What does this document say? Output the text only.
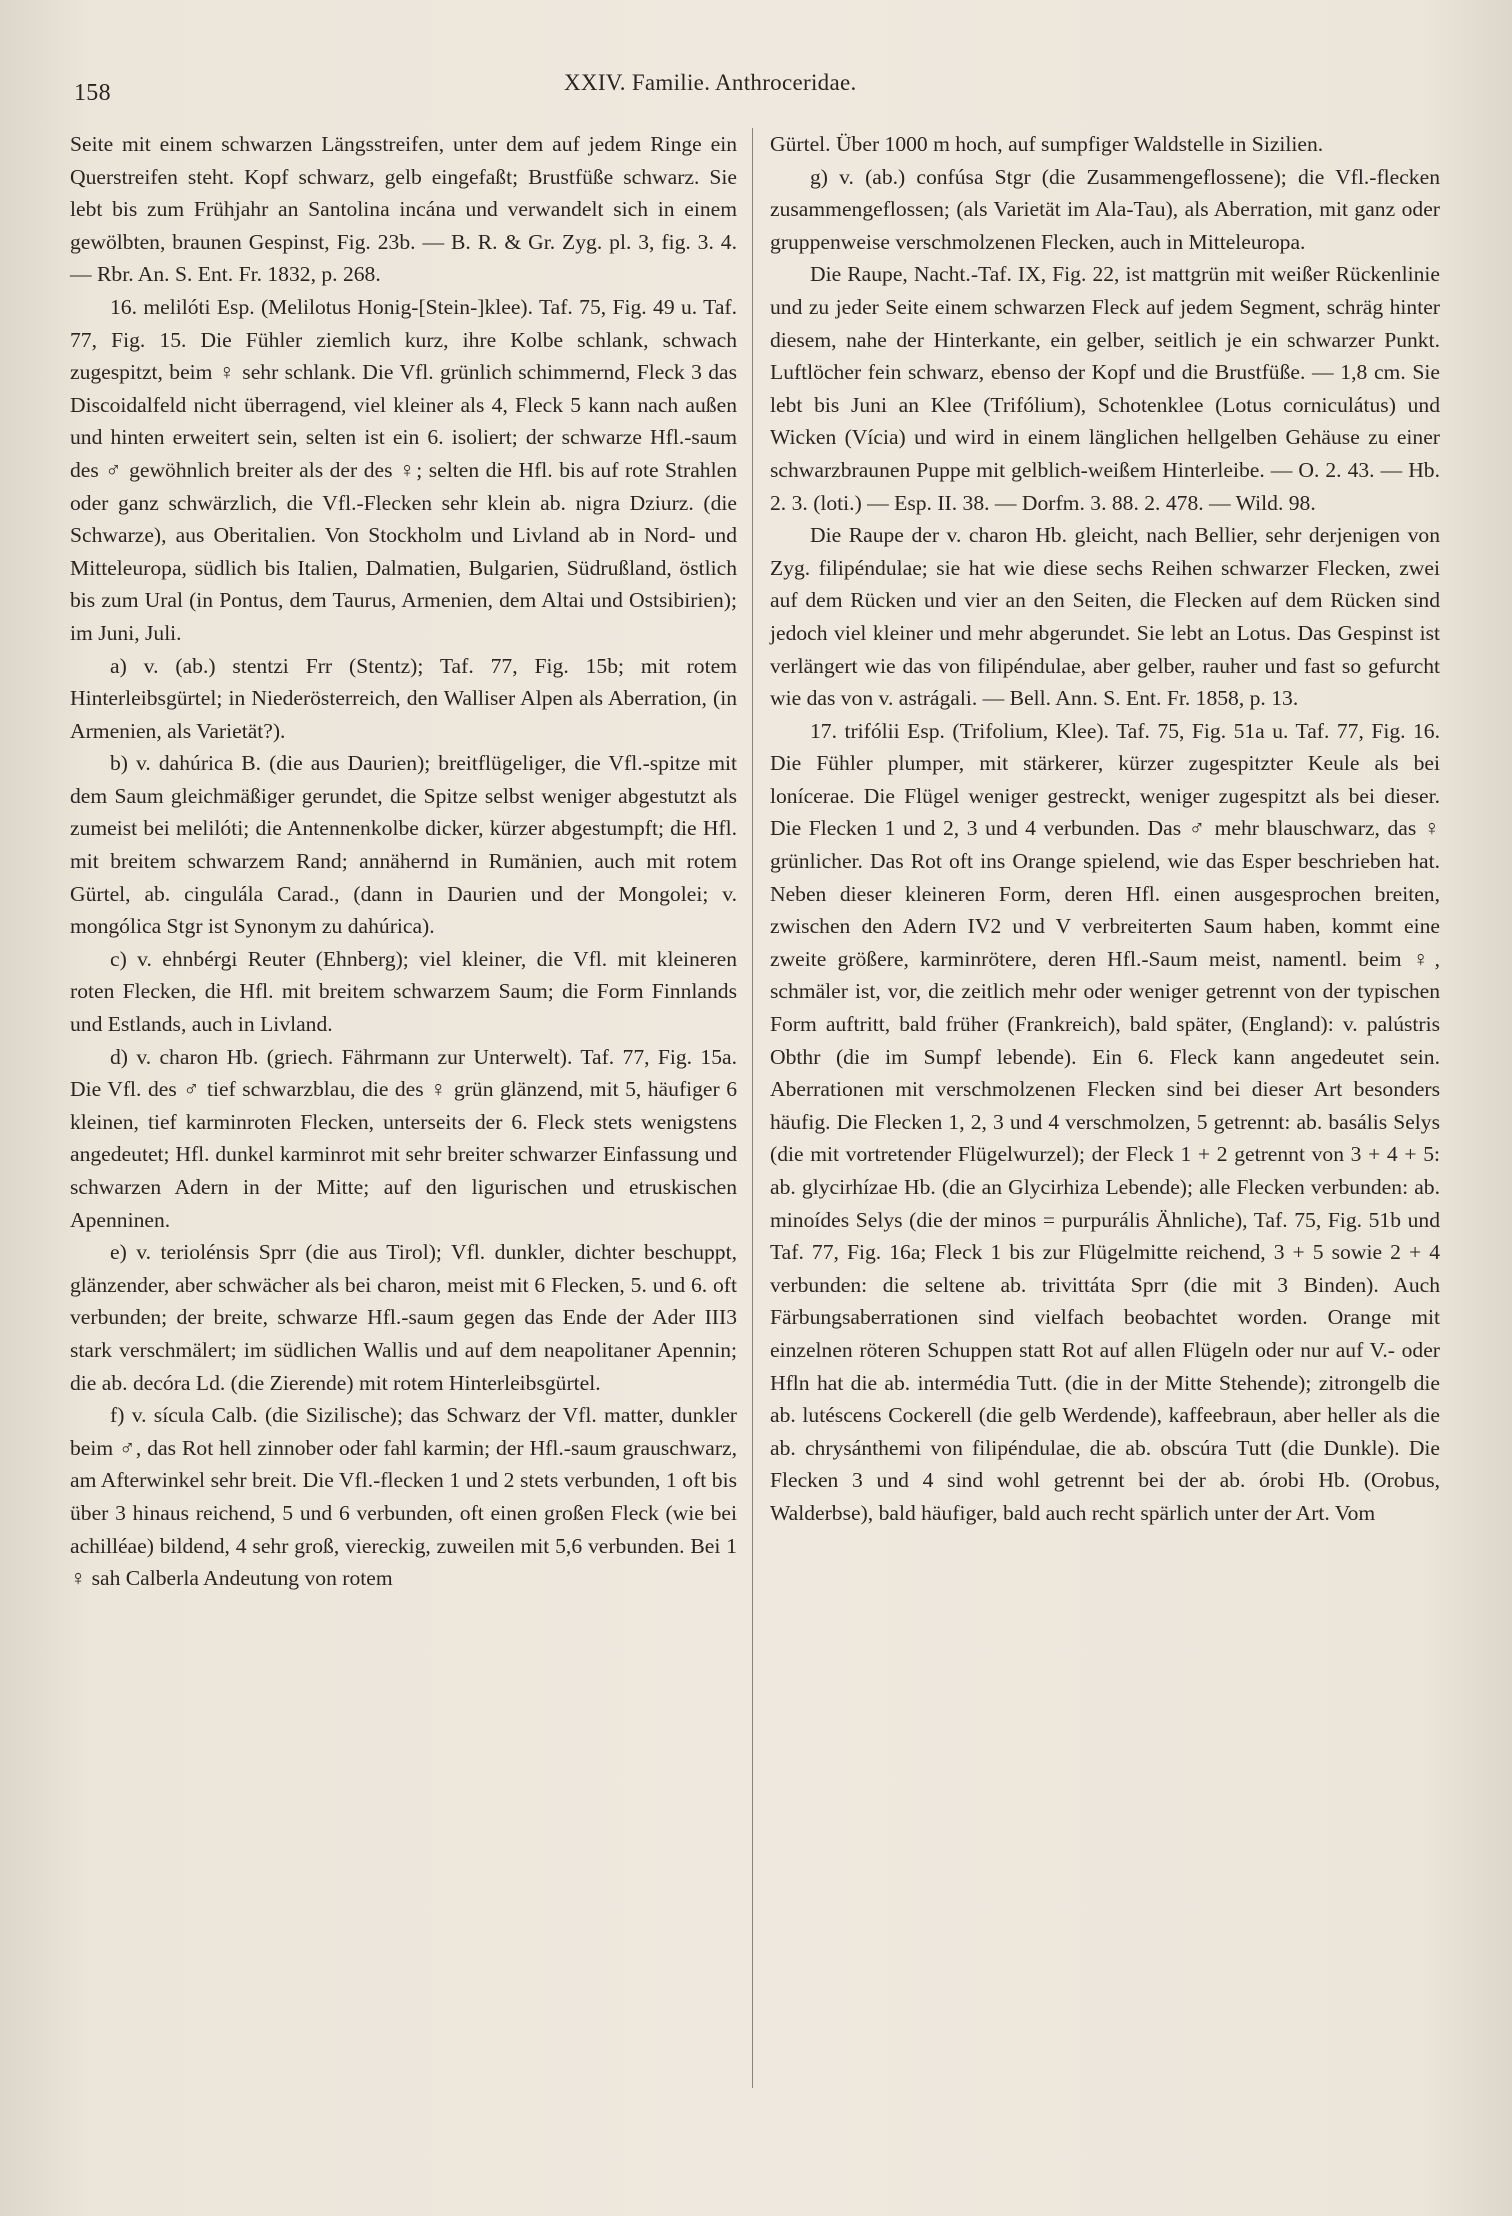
158	XXIV. Familie. Anthroceridae.

Seite mit einem schwarzen Längsstreifen, unter dem auf jedem Ringe ein Querstreifen steht. Kopf schwarz, gelb eingefaßt; Brustfüße schwarz. Sie lebt bis zum Frühjahr an Santolina incána und verwandelt sich in einem gewölbten, braunen Gespinst, Fig. 23b. — B. R. & Gr. Zyg. pl. 3, fig. 3. 4. — Rbr. An. S. Ent. Fr. 1832, p. 268.

16. melilóti Esp. (Melilotus Honig-[Stein-]klee). Taf. 75, Fig. 49 u. Taf. 77, Fig. 15. Die Fühler ziemlich kurz, ihre Kolbe schlank, schwach zugespitzt, beim ♀ sehr schlank. Die Vfl. grünlich schimmernd, Fleck 3 das Discoidalfeld nicht überragend, viel kleiner als 4, Fleck 5 kann nach außen und hinten erweitert sein, selten ist ein 6. isoliert; der schwarze Hfl.-saum des ♂ gewöhnlich breiter als der des ♀; selten die Hfl. bis auf rote Strahlen oder ganz schwärzlich, die Vfl.-Flecken sehr klein ab. nigra Dziurz. (die Schwarze), aus Oberitalien. Von Stockholm und Livland ab in Nord- und Mitteleuropa, südlich bis Italien, Dalmatien, Bulgarien, Südrußland, östlich bis zum Ural (in Pontus, dem Taurus, Armenien, dem Altai und Ostsibirien); im Juni, Juli.

a) v. (ab.) stentzi Frr (Stentz); Taf. 77, Fig. 15b; mit rotem Hinterleibsgürtel; in Niederösterreich, den Walliser Alpen als Aberration, (in Armenien, als Varietät?).

b) v. dahúrica B. (die aus Daurien); breitflügeliger, die Vfl.-spitze mit dem Saum gleichmäßiger gerundet, die Spitze selbst weniger abgestutzt als zumeist bei melilóti; die Antennenkolbe dicker, kürzer abgestumpft; die Hfl. mit breitem schwarzem Rand; annähernd in Rumänien, auch mit rotem Gürtel, ab. cingulála Carad., (dann in Daurien und der Mongolei; v. mongólica Stgr ist Synonym zu dahúrica).

c) v. ehnbérgi Reuter (Ehnberg); viel kleiner, die Vfl. mit kleineren roten Flecken, die Hfl. mit breitem schwarzem Saum; die Form Finnlands und Estlands, auch in Livland.

d) v. charon Hb. (griech. Fährmann zur Unterwelt). Taf. 77, Fig. 15a. Die Vfl. des ♂ tief schwarzblau, die des ♀ grün glänzend, mit 5, häufiger 6 kleinen, tief karminroten Flecken, unterseits der 6. Fleck stets wenigstens angedeutet; Hfl. dunkel karminrot mit sehr breiter schwarzer Einfassung und schwarzen Adern in der Mitte; auf den ligurischen und etruskischen Apenninen.

e) v. teriolénsis Sprr (die aus Tirol); Vfl. dunkler, dichter beschuppt, glänzender, aber schwächer als bei charon, meist mit 6 Flecken, 5. und 6. oft verbunden; der breite, schwarze Hfl.-saum gegen das Ende der Ader III3 stark verschmälert; im südlichen Wallis und auf dem neapolitaner Apennin; die ab. decóra Ld. (die Zierende) mit rotem Hinterleibsgürtel.

f) v. sícula Calb. (die Sizilische); das Schwarz der Vfl. matter, dunkler beim ♂, das Rot hell zinnober oder fahl karmin; der Hfl.-saum grauschwarz, am Afterwinkel sehr breit. Die Vfl.-flecken 1 und 2 stets verbunden, 1 oft bis über 3 hinaus reichend, 5 und 6 verbunden, oft einen großen Fleck (wie bei achilléae) bildend, 4 sehr groß, viereckig, zuweilen mit 5,6 verbunden. Bei 1 ♀ sah Calberla Andeutung von rotem

Gürtel. Über 1000 m hoch, auf sumpfiger Waldstelle in Sizilien.

g) v. (ab.) confúsa Stgr (die Zusammengeflossene); die Vfl.-flecken zusammengeflossen; (als Varietät im Ala-Tau), als Aberration, mit ganz oder gruppenweise verschmolzenen Flecken, auch in Mitteleuropa.

Die Raupe, Nacht.-Taf. IX, Fig. 22, ist mattgrün mit weißer Rückenlinie und zu jeder Seite einem schwarzen Fleck auf jedem Segment, schräg hinter diesem, nahe der Hinterkante, ein gelber, seitlich je ein schwarzer Punkt. Luftlöcher fein schwarz, ebenso der Kopf und die Brustfüße. — 1,8 cm. Sie lebt bis Juni an Klee (Trifólium), Schotenklee (Lotus corniculátus) und Wicken (Vícia) und wird in einem länglichen hellgelben Gehäuse zu einer schwarzbraunen Puppe mit gelblich-weißem Hinterleibe. — O. 2. 43. — Hb. 2. 3. (loti.) — Esp. II. 38. — Dorfm. 3. 88. 2. 478. — Wild. 98.

Die Raupe der v. charon Hb. gleicht, nach Bellier, sehr derjenigen von Zyg. filipéndulae; sie hat wie diese sechs Reihen schwarzer Flecken, zwei auf dem Rücken und vier an den Seiten, die Flecken auf dem Rücken sind jedoch viel kleiner und mehr abgerundet. Sie lebt an Lotus. Das Gespinst ist verlängert wie das von filipéndulae, aber gelber, rauher und fast so gefurcht wie das von v. astrágali. — Bell. Ann. S. Ent. Fr. 1858, p. 13.

17. trifólii Esp. (Trifolium, Klee). Taf. 75, Fig. 51a u. Taf. 77, Fig. 16. Die Fühler plumper, mit stärkerer, kürzer zugespitzter Keule als bei lonícerae. Die Flügel weniger gestreckt, weniger zugespitzt als bei dieser. Die Flecken 1 und 2, 3 und 4 verbunden. Das ♂ mehr blauschwarz, das ♀ grünlicher. Das Rot oft ins Orange spielend, wie das Esper beschrieben hat. Neben dieser kleineren Form, deren Hfl. einen ausgesprochen breiten, zwischen den Adern IV2 und V verbreiterten Saum haben, kommt eine zweite größere, karminrötere, deren Hfl.-Saum meist, namentl. beim ♀, schmäler ist, vor, die zeitlich mehr oder weniger getrennt von der typischen Form auftritt, bald früher (Frankreich), bald später, (England): v. palústris Obthr (die im Sumpf lebende). Ein 6. Fleck kann angedeutet sein. Aberrationen mit verschmolzenen Flecken sind bei dieser Art besonders häufig. Die Flecken 1, 2, 3 und 4 verschmolzen, 5 getrennt: ab. basális Selys (die mit vortretender Flügelwurzel); der Fleck 1 + 2 getrennt von 3 + 4 + 5: ab. glycirhízae Hb. (die an Glycirhiza Lebende); alle Flecken verbunden: ab. minoídes Selys (die der minos = purpurális Ähnliche), Taf. 75, Fig. 51b und Taf. 77, Fig. 16a; Fleck 1 bis zur Flügelmitte reichend, 3 + 5 sowie 2 + 4 verbunden: die seltene ab. trivittáta Sprr (die mit 3 Binden). Auch Färbungsaberrationen sind vielfach beobachtet worden. Orange mit einzelnen röteren Schuppen statt Rot auf allen Flügeln oder nur auf V.- oder Hfln hat die ab. intermédia Tutt. (die in der Mitte Stehende); zitrongelb die ab. lutéscens Cockerell (die gelb Werdende), kaffeebraun, aber heller als die ab. chrysánthemi von filipéndulae, die ab. obscúra Tutt (die Dunkle). Die Flecken 3 und 4 sind wohl getrennt bei der ab. órobi Hb. (Orobus, Walderbse), bald häufiger, bald auch recht spärlich unter der Art. Vom
